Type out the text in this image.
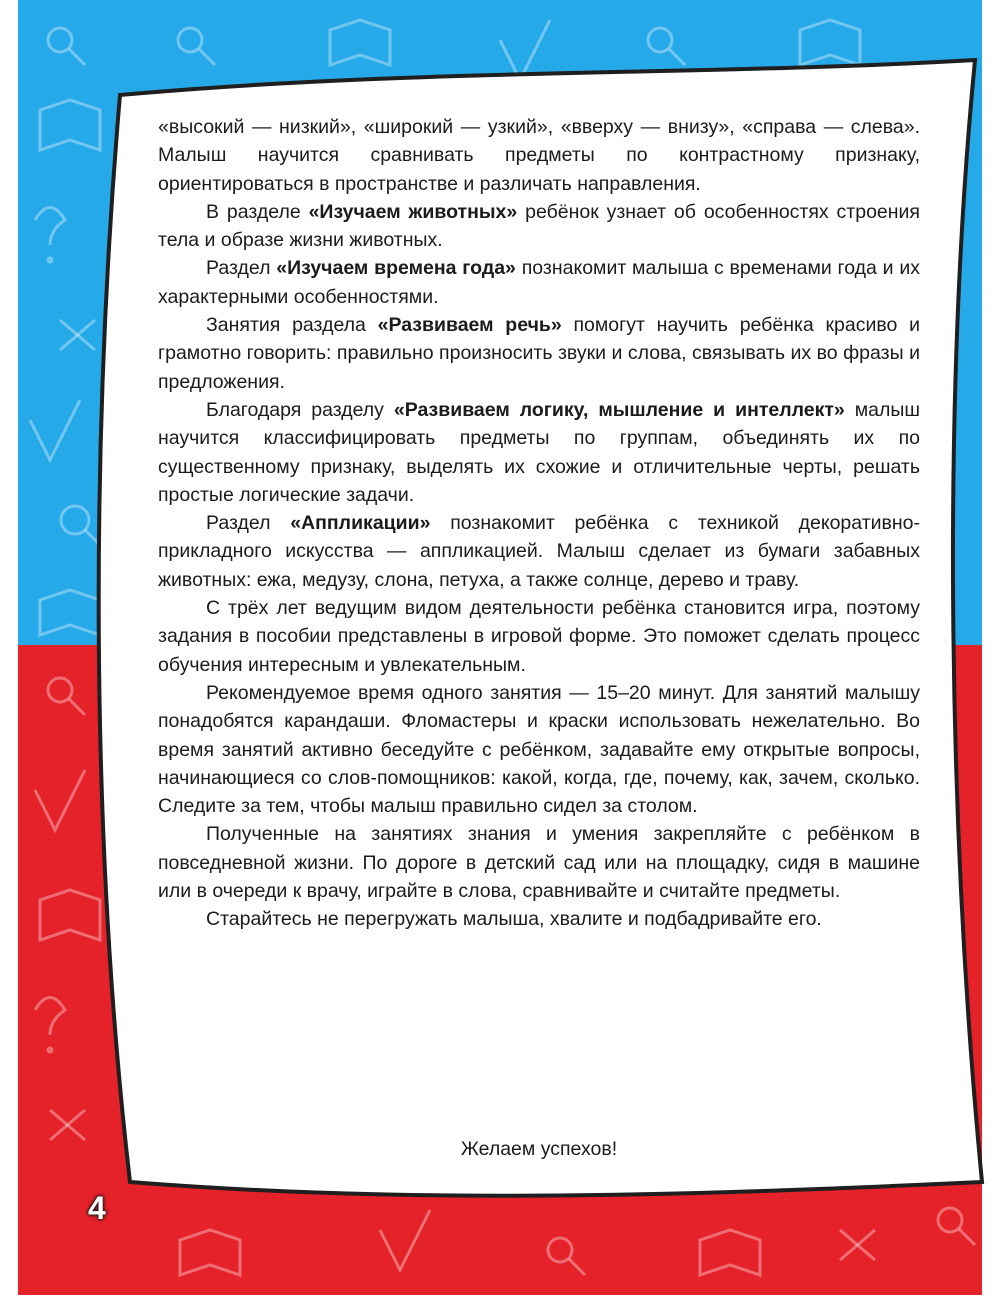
«высокий — низкий», «широкий — узкий», «вверху — внизу», «справа — слева». Малыш научится сравнивать предметы по контрастному признаку, ориентироваться в пространстве и различать направления.

В разделе «Изучаем животных» ребёнок узнает об особенностях строения тела и образе жизни животных.

Раздел «Изучаем времена года» познакомит малыша с временами года и их характерными особенностями.

Занятия раздела «Развиваем речь» помогут научить ребёнка красиво и грамотно говорить: правильно произносить звуки и слова, связывать их во фразы и предложения.

Благодаря разделу «Развиваем логику, мышление и интеллект» малыш научится классифицировать предметы по группам, объединять их по существенному признаку, выделять их схожие и отличительные черты, решать простые логические задачи.

Раздел «Аппликации» познакомит ребёнка с техникой декоративно-прикладного искусства — аппликацией. Малыш сделает из бумаги забавных животных: ежа, медузу, слона, петуха, а также солнце, дерево и траву.

С трёх лет ведущим видом деятельности ребёнка становится игра, поэтому задания в пособии представлены в игровой форме. Это поможет сделать процесс обучения интересным и увлекательным.

Рекомендуемое время одного занятия — 15–20 минут. Для занятий малышу понадобятся карандаши. Фломастеры и краски использовать нежелательно. Во время занятий активно беседуйте с ребёнком, задавайте ему открытые вопросы, начинающиеся со слов-помощников: какой, когда, где, почему, как, зачем, сколько. Следите за тем, чтобы малыш правильно сидел за столом.

Полученные на занятиях знания и умения закрепляйте с ребёнком в повседневной жизни. По дороге в детский сад или на площадку, сидя в машине или в очереди к врачу, играйте в слова, сравнивайте и считайте предметы.

Старайтесь не перегружать малыша, хвалите и подбадривайте его.

Желаем успехов!
4
